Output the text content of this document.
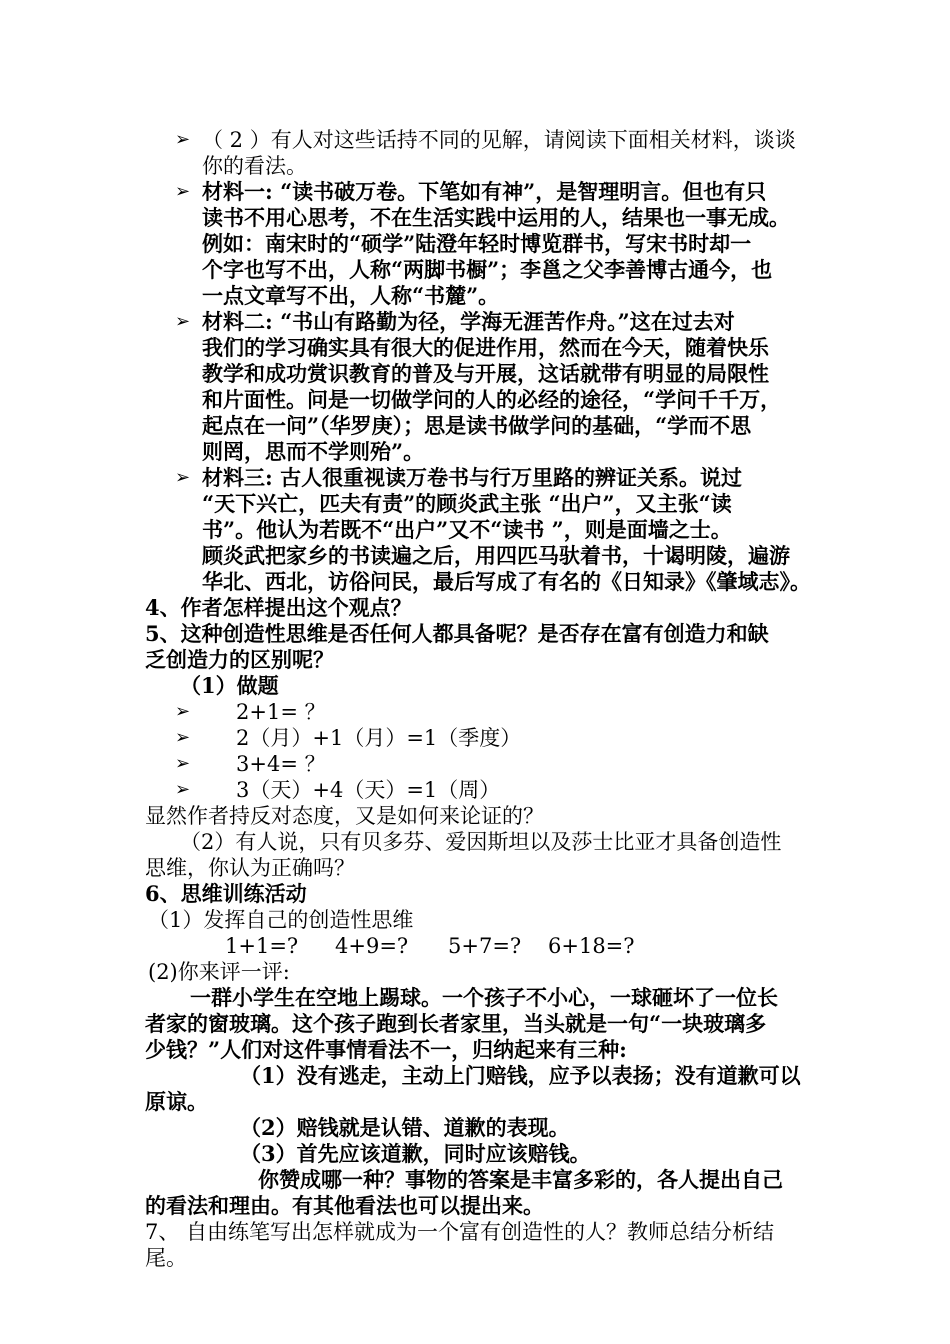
➢ （ 2 ）有人对这些话持不同的见解，请阅读下面相关材料，谈谈
你的看法。
➢ 材料一: “读书破万卷。下笔如有神”，是智理明言。但也有只
读书不用心思考，不在生活实践中运用的人，结果也一事无成。
例如：南宋时的“硕学”陆澄年轻时博览群书，写宋书时却一
个字也写不出，人称“两脚书橱”；李邕之父李善博古通今，也
一点文章写不出，人称“书麓”。
➢ 材料二: “书山有路勤为径，学海无涯苦作舟。”这在过去对
我们的学习确实具有很大的促进作用，然而在今天，随着快乐
教学和成功赏识教育的普及与开展，这话就带有明显的局限性
和片面性。问是一切做学问的人的必经的途径，“学问千千万，
起点在一问”（华罗庚）；思是读书做学问的基础，“学而不思
则罔，思而不学则殆”。
➢ 材料三: 古人很重视读万卷书与行万里路的辨证关系。说过
“天下兴亡，匹夫有责”的顾炎武主张 “出户”，又主张“读
书”。他认为若既不“出户”又不“读书 ”，则是面墙之士。
顾炎武把家乡的书读遍之后，用四匹马驮着书，十谒明陵，遍游
华北、西北，访俗问民，最后写成了有名的《日知录》《肇域志》。
4、作者怎样提出这个观点？
5、这种创造性思维是否任何人都具备呢？是否存在富有创造力和缺
乏创造力的区别呢？
（1）做题
➢ 2+1= ？
➢ 2（月）+1（月）=1（季度）
➢ 3+4= ？
➢ 3（天）+4（天）=1（周）
显然作者持反对态度，又是如何来论证的？
（2）有人说，只有贝多芬、爱因斯坦以及莎士比亚才具备创造性
思维，你认为正确吗？
6、思维训练活动
（1）发挥自己的创造性思维
1+1=? 4+9=? 5+7=? 6+18=?
(2)你来评一评:
一群小学生在空地上踢球。一个孩子不小心，一球砸坏了一位长
者家的窗玻璃。这个孩子跑到长者家里，当头就是一句“一块玻璃多
少钱？”人们对这件事情看法不一，归纳起来有三种:
（1）没有逃走，主动上门赔钱，应予以表扬；没有道歉可以
原谅。
（2）赔钱就是认错、道歉的表现。
（3）首先应该道歉，同时应该赔钱。
你赞成哪一种？事物的答案是丰富多彩的，各人提出自己
的看法和理由。有其他看法也可以提出来。
7、 自由练笔写出怎样就成为一个富有创造性的人？教师总结分析结
尾。
